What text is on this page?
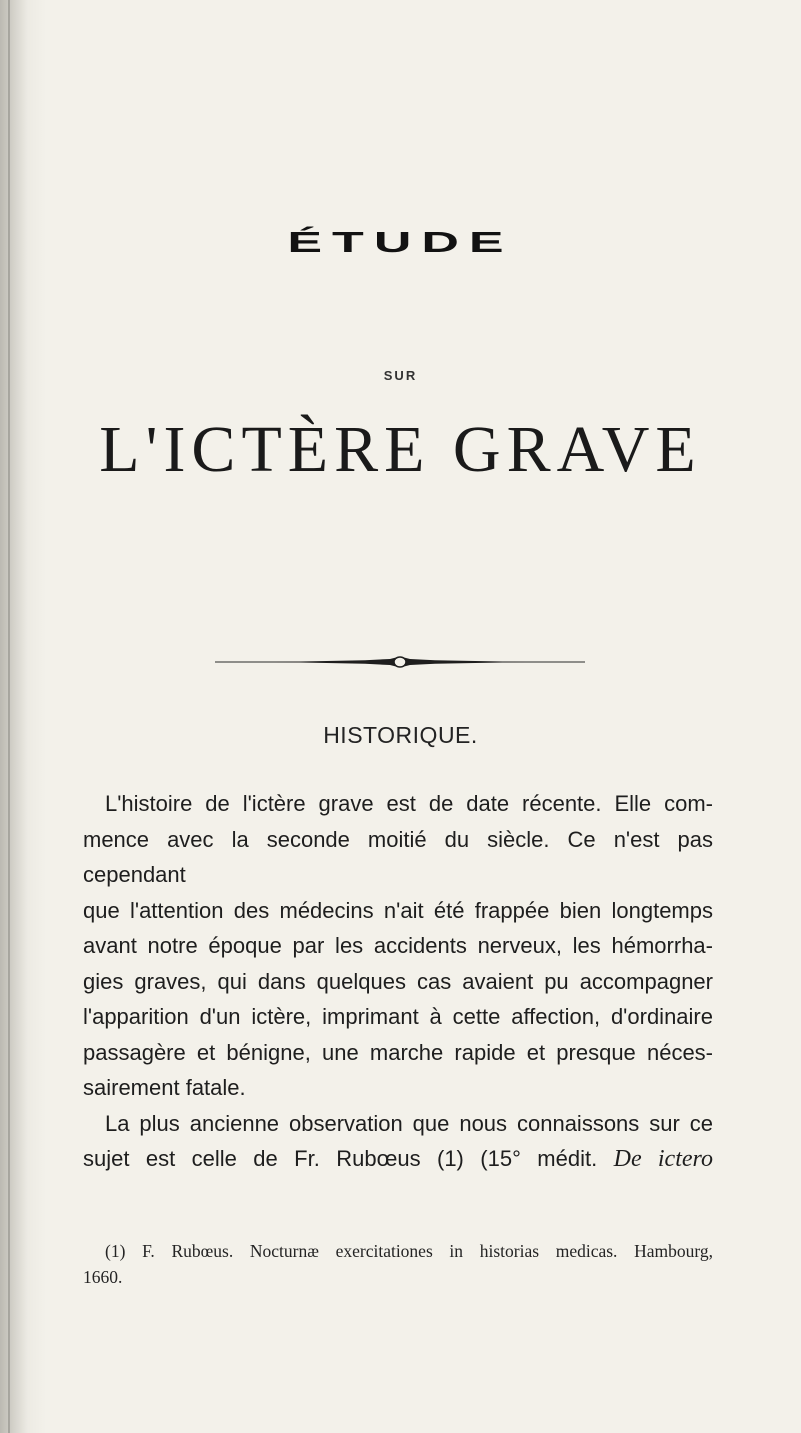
ÉTUDE
SUR
L'ICTÈRE GRAVE
HISTORIQUE.

L'histoire de l'ictère grave est de date récente. Elle com-

mence avec la seconde moitié du siècle. Ce n'est pas cependant

que l'attention des médecins n'ait été frappée bien longtemps

avant notre époque par les accidents nerveux, les hémorrha-

gies graves, qui dans quelques cas avaient pu accompagner

l'apparition d'un ictère, imprimant à cette affection, d'ordinaire

passagère et bénigne, une marche rapide et presque néces-

sairement fatale.

La plus ancienne observation que nous connaissons sur ce

sujet est celle de Fr. Rubœus (1) (15° médit. De ictero

(1) F. Rubœus. Nocturnæ exercitationes in historias medicas. Hambourg,
1660.
